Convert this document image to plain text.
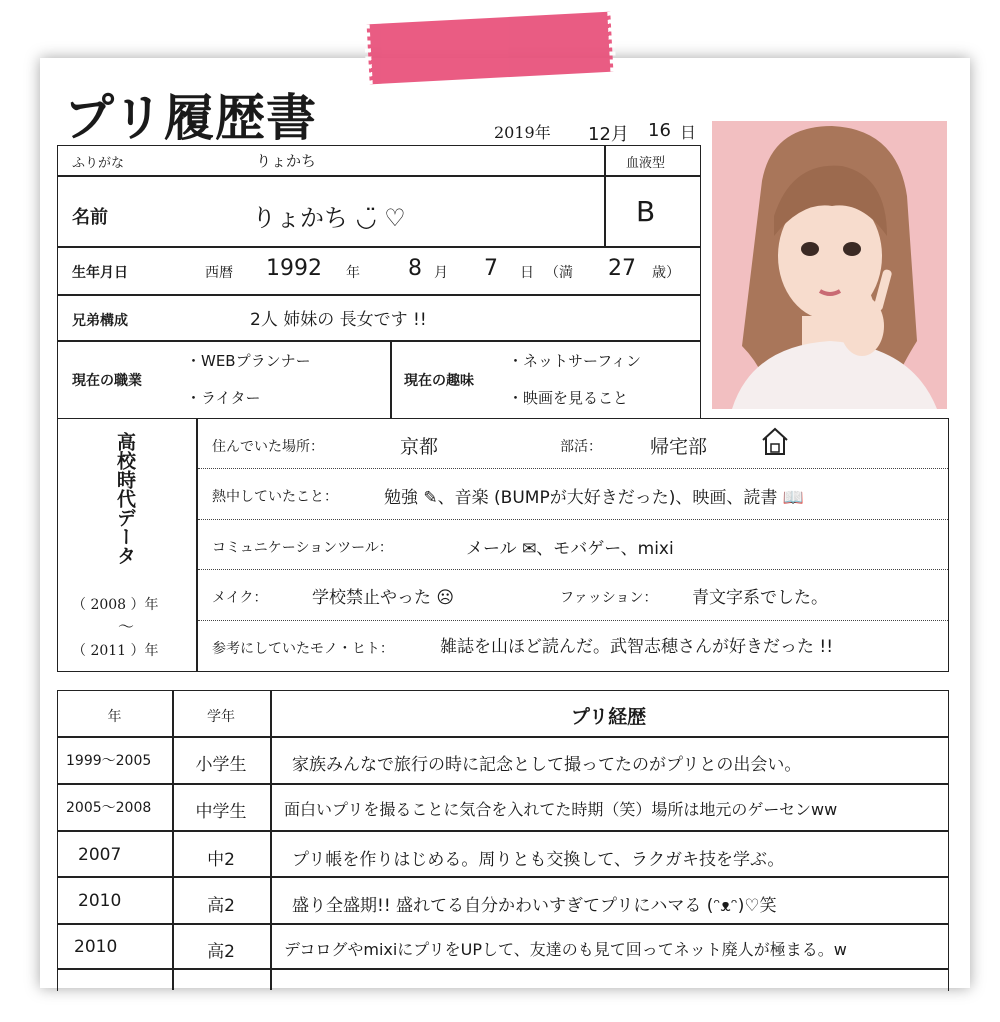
プリ履歴書	2019年 12月 16 日
ふりがな	りょかち	血液型
名前	りょかち ◡̈ ♡	B
生年月日	西暦 1992 年 8 月 7 日 （満 27 歳）
兄弟構成	2人 姉妹の 長女です !!
現在の職業
・WEBプランナー
・ライター
現在の趣味
・ネットサーフィン
・映画を見ること
高校時代データ
（ 2008 ）年
〜
（ 2011 ）年
住んでいた場所：	京都	部活：	帰宅部
熱中していたこと：	勉強 ✎、音楽 (BUMPが大好きだった)、映画、読書 📖
コミュニケーションツール：	メール ✉、モバゲー、mixi
メイク：	学校禁止やった ☹	ファッション： 青文字系でした。
参考にしていたモノ・ヒト：	雑誌を山ほど読んだ。武智志穂さんが好きだった !!
年	学年	プリ経歴
1999〜2005	小学生	家族みんなで旅行の時に記念として撮ってたのがプリとの出会い。
2005〜2008	中学生	面白いプリを撮ることに気合を入れてた時期（笑）場所は地元のゲーセンww
2007	中2	プリ帳を作りはじめる。周りとも交換して、ラクガキ技を学ぶ。
2010	高2	盛り全盛期!! 盛れてる自分かわいすぎてプリにハマる (ᵔᴥᵔ)♡笑
2010	高2	デコログやmixiにプリをUPして、友達のも見て回ってネット廃人が極まる。w
